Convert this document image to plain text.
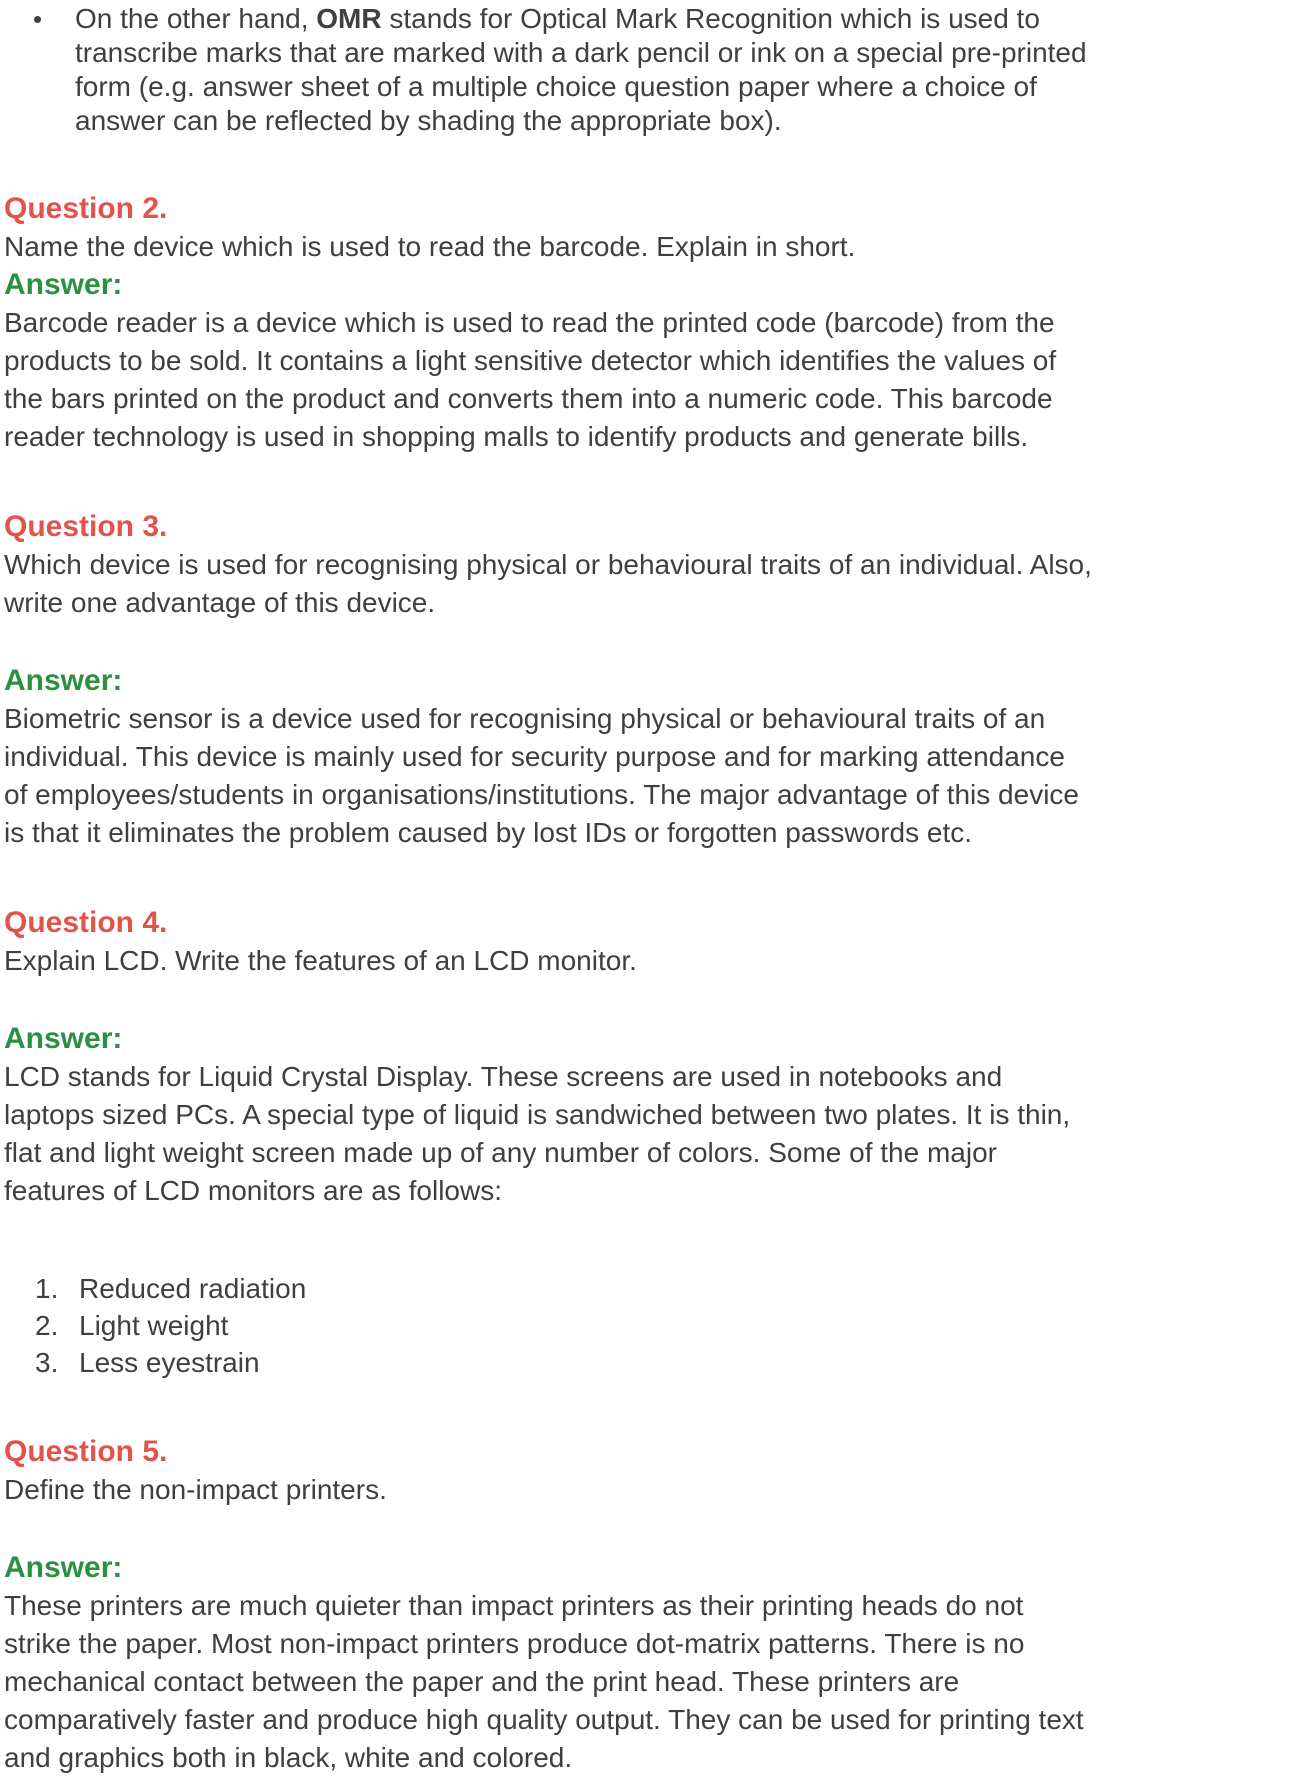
•	On the other hand, OMR stands for Optical Mark Recognition which is used to
transcribe marks that are marked with a dark pencil or ink on a special pre-printed
form (e.g. answer sheet of a multiple choice question paper where a choice of
answer can be reflected by shading the appropriate box).
Question 2.
Name the device which is used to read the barcode. Explain in short.
Answer:
Barcode reader is a device which is used to read the printed code (barcode) from the
products to be sold. It contains a light sensitive detector which identifies the values of
the bars printed on the product and converts them into a numeric code. This barcode
reader technology is used in shopping malls to identify products and generate bills.
Question 3.
Which device is used for recognising physical or behavioural traits of an individual. Also,
write one advantage of this device.
Answer:
Biometric sensor is a device used for recognising physical or behavioural traits of an
individual. This device is mainly used for security purpose and for marking attendance
of employees/students in organisations/institutions. The major advantage of this device
is that it eliminates the problem caused by lost IDs or forgotten passwords etc.
Question 4.
Explain LCD. Write the features of an LCD monitor.
Answer:
LCD stands for Liquid Crystal Display. These screens are used in notebooks and
laptops sized PCs. A special type of liquid is sandwiched between two plates. It is thin,
flat and light weight screen made up of any number of colors. Some of the major
features of LCD monitors are as follows:
1. Reduced radiation
2. Light weight
3. Less eyestrain
Question 5.
Define the non-impact printers.
Answer:
These printers are much quieter than impact printers as their printing heads do not
strike the paper. Most non-impact printers produce dot-matrix patterns. There is no
mechanical contact between the paper and the print head. These printers are
comparatively faster and produce high quality output. They can be used for printing text
and graphics both in black, white and colored.
